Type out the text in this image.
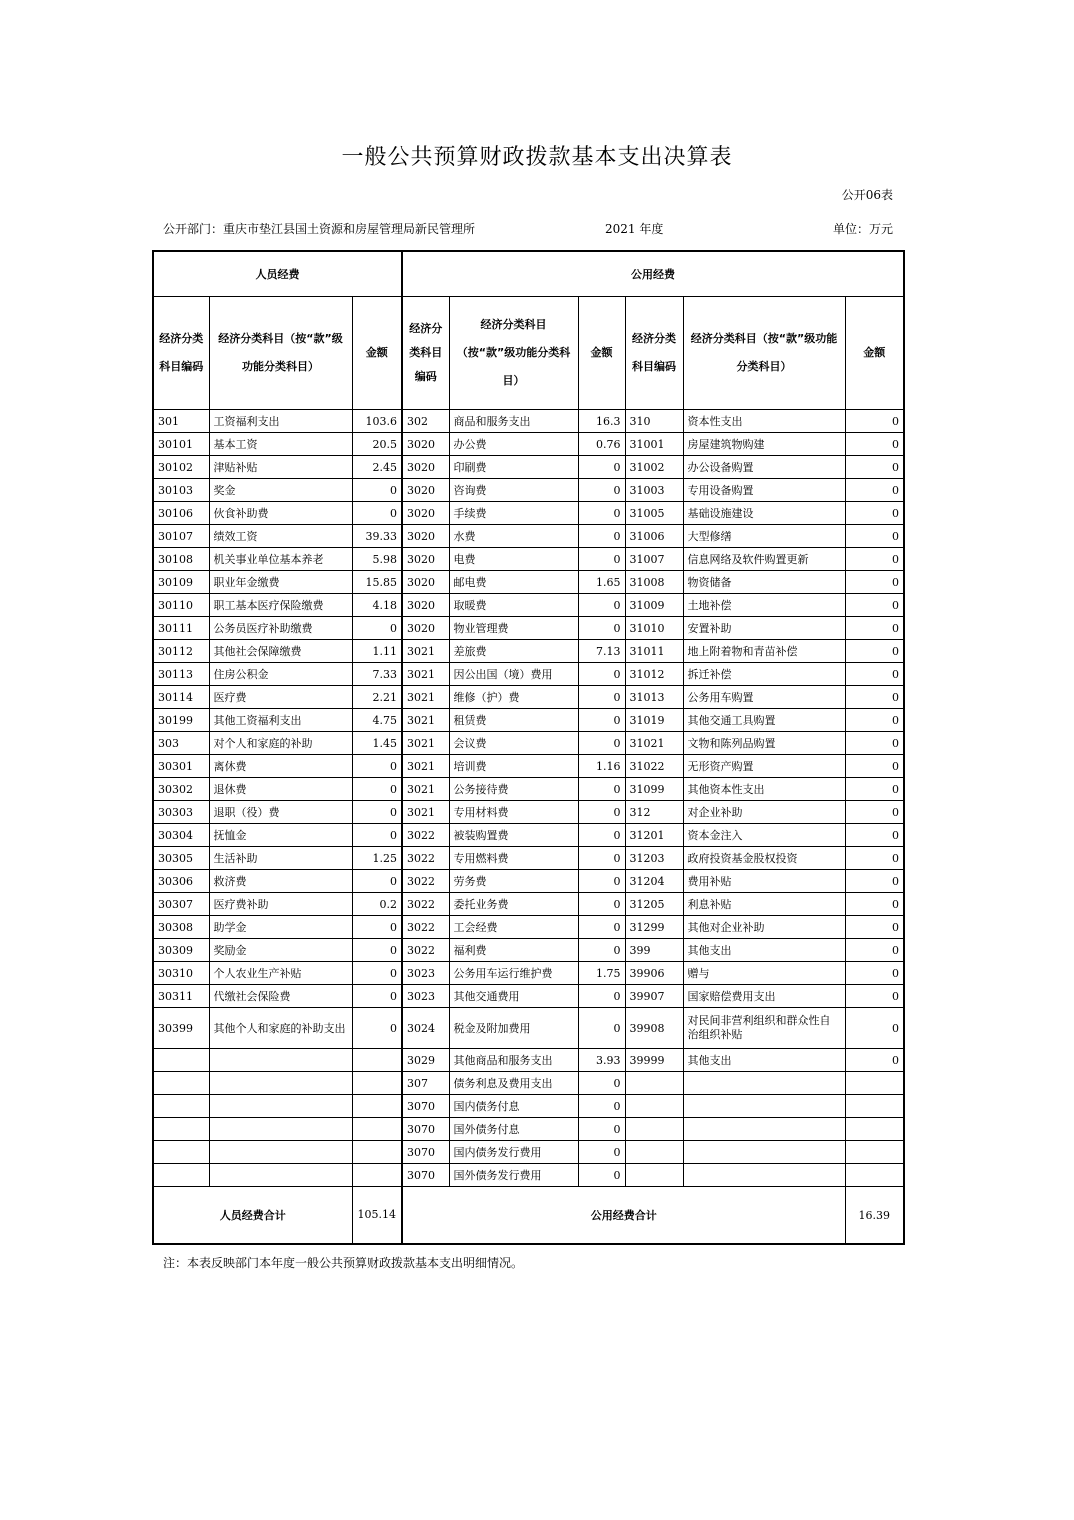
一般公共预算财政拨款基本支出决算表
公开06表
公开部门：重庆市垫江县国土资源和房屋管理局新民管理所	2021 年度	单位：万元
人员经费			公用经费					
经济分类科目编码	经济分类科目（按“款”级功能分类科目）	金额	经济分类科目编码	经济分类科目（按“款”级功能分类科目）	金额	经济分类科目编码	经济分类科目（按“款”级功能分类科目）	金额
301	工资福利支出	103.6	302	商品和服务支出	16.3	310	资本性支出	0
30101	基本工资	20.5	3020	办公费	0.76	31001	房屋建筑物购建	0
30102	津贴补贴	2.45	3020	印刷费	0	31002	办公设备购置	0
30103	奖金	0	3020	咨询费	0	31003	专用设备购置	0
30106	伙食补助费	0	3020	手续费	0	31005	基础设施建设	0
30107	绩效工资	39.33	3020	水费	0	31006	大型修缮	0
30108	机关事业单位基本养老	5.98	3020	电费	0	31007	信息网络及软件购置更新	0
30109	职业年金缴费	15.85	3020	邮电费	1.65	31008	物资储备	0
30110	职工基本医疗保险缴费	4.18	3020	取暖费	0	31009	土地补偿	0
30111	公务员医疗补助缴费	0	3020	物业管理费	0	31010	安置补助	0
30112	其他社会保障缴费	1.11	3021	差旅费	7.13	31011	地上附着物和青苗补偿	0
30113	住房公积金	7.33	3021	因公出国（境）费用	0	31012	拆迁补偿	0
30114	医疗费	2.21	3021	维修（护）费	0	31013	公务用车购置	0
30199	其他工资福利支出	4.75	3021	租赁费	0	31019	其他交通工具购置	0
303	对个人和家庭的补助	1.45	3021	会议费	0	31021	文物和陈列品购置	0
30301	离休费	0	3021	培训费	1.16	31022	无形资产购置	0
30302	退休费	0	3021	公务接待费	0	31099	其他资本性支出	0
30303	退职（役）费	0	3021	专用材料费	0	312	对企业补助	0
30304	抚恤金	0	3022	被装购置费	0	31201	资本金注入	0
30305	生活补助	1.25	3022	专用燃料费	0	31203	政府投资基金股权投资	0
30306	救济费	0	3022	劳务费	0	31204	费用补贴	0
30307	医疗费补助	0.2	3022	委托业务费	0	31205	利息补贴	0
30308	助学金	0	3022	工会经费	0	31299	其他对企业补助	0
30309	奖励金	0	3022	福利费	0	399	其他支出	0
30310	个人农业生产补贴	0	3023	公务用车运行维护费	1.75	39906	赠与	0
30311	代缴社会保险费	0	3023	其他交通费用	0	39907	国家赔偿费用支出	0
30399	其他个人和家庭的补助支出	0	3024	税金及附加费用	0	39908	对民间非营利组织和群众性自治组织补贴	0
			3029	其他商品和服务支出	3.93	39999	其他支出	0
			307	债务利息及费用支出	0			
			3070	国内债务付息	0			
			3070	国外债务付息	0			
			3070	国内债务发行费用	0			
			3070	国外债务发行费用	0			
人员经费合计		105.14	公用经费合计					16.39
注：本表反映部门本年度一般公共预算财政拨款基本支出明细情况。
